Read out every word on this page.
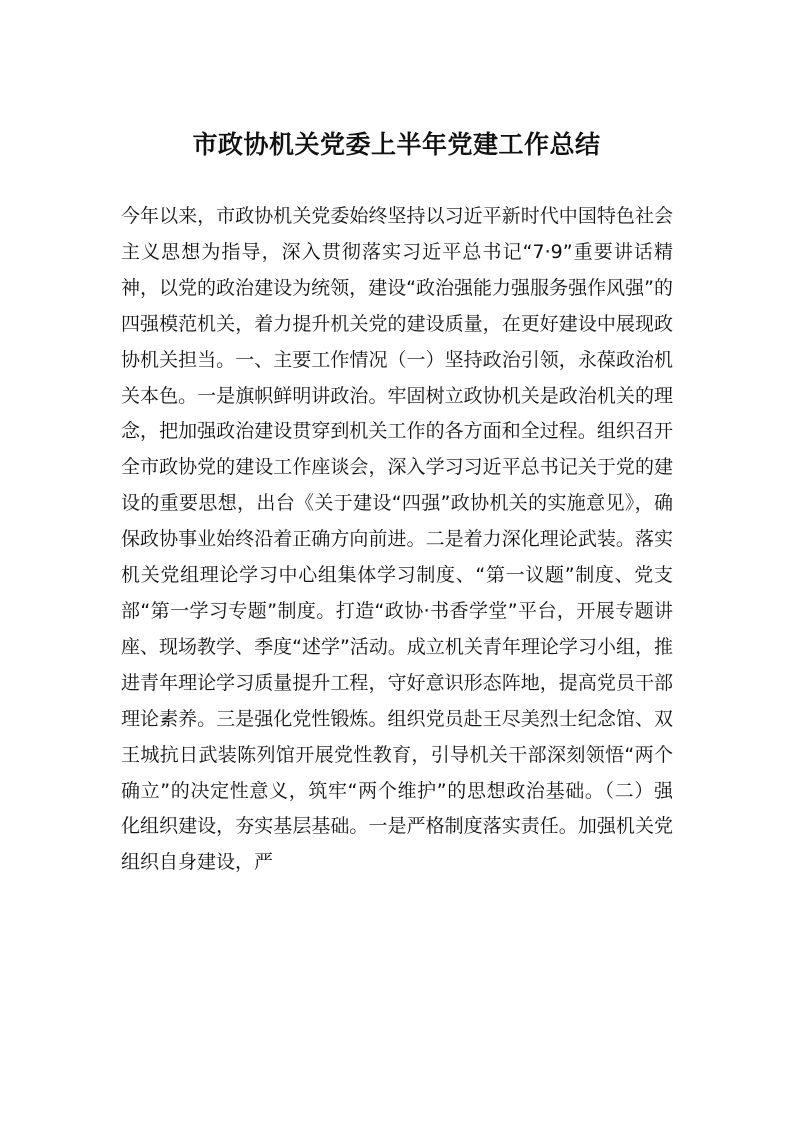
市政协机关党委上半年党建工作总结

今年以来，市政协机关党委始终坚持以习近平新时代中国特色社会主义思想为指导，深入贯彻落实习近平总书记“7·9”重要讲话精神，以党的政治建设为统领，建设“政治强能力强服务强作风强”的四强模范机关，着力提升机关党的建设质量，在更好建设中展现政协机关担当。一、主要工作情况（一）坚持政治引领，永葆政治机关本色。一是旗帜鲜明讲政治。牢固树立政协机关是政治机关的理念，把加强政治建设贯穿到机关工作的各方面和全过程。组织召开全市政协党的建设工作座谈会，深入学习习近平总书记关于党的建设的重要思想，出台《关于建设“四强”政协机关的实施意见》，确保政协事业始终沿着正确方向前进。二是着力深化理论武装。落实机关党组理论学习中心组集体学习制度、“第一议题”制度、党支部“第一学习专题”制度。打造“政协·书香学堂”平台，开展专题讲座、现场教学、季度“述学”活动。成立机关青年理论学习小组，推进青年理论学习质量提升工程，守好意识形态阵地，提高党员干部理论素养。三是强化党性锻炼。组织党员赴王尽美烈士纪念馆、双王城抗日武装陈列馆开展党性教育，引导机关干部深刻领悟“两个确立”的决定性意义，筑牢“两个维护”的思想政治基础。（二）强化组织建设，夯实基层基础。一是严格制度落实责任。加强机关党组织自身建设，严
